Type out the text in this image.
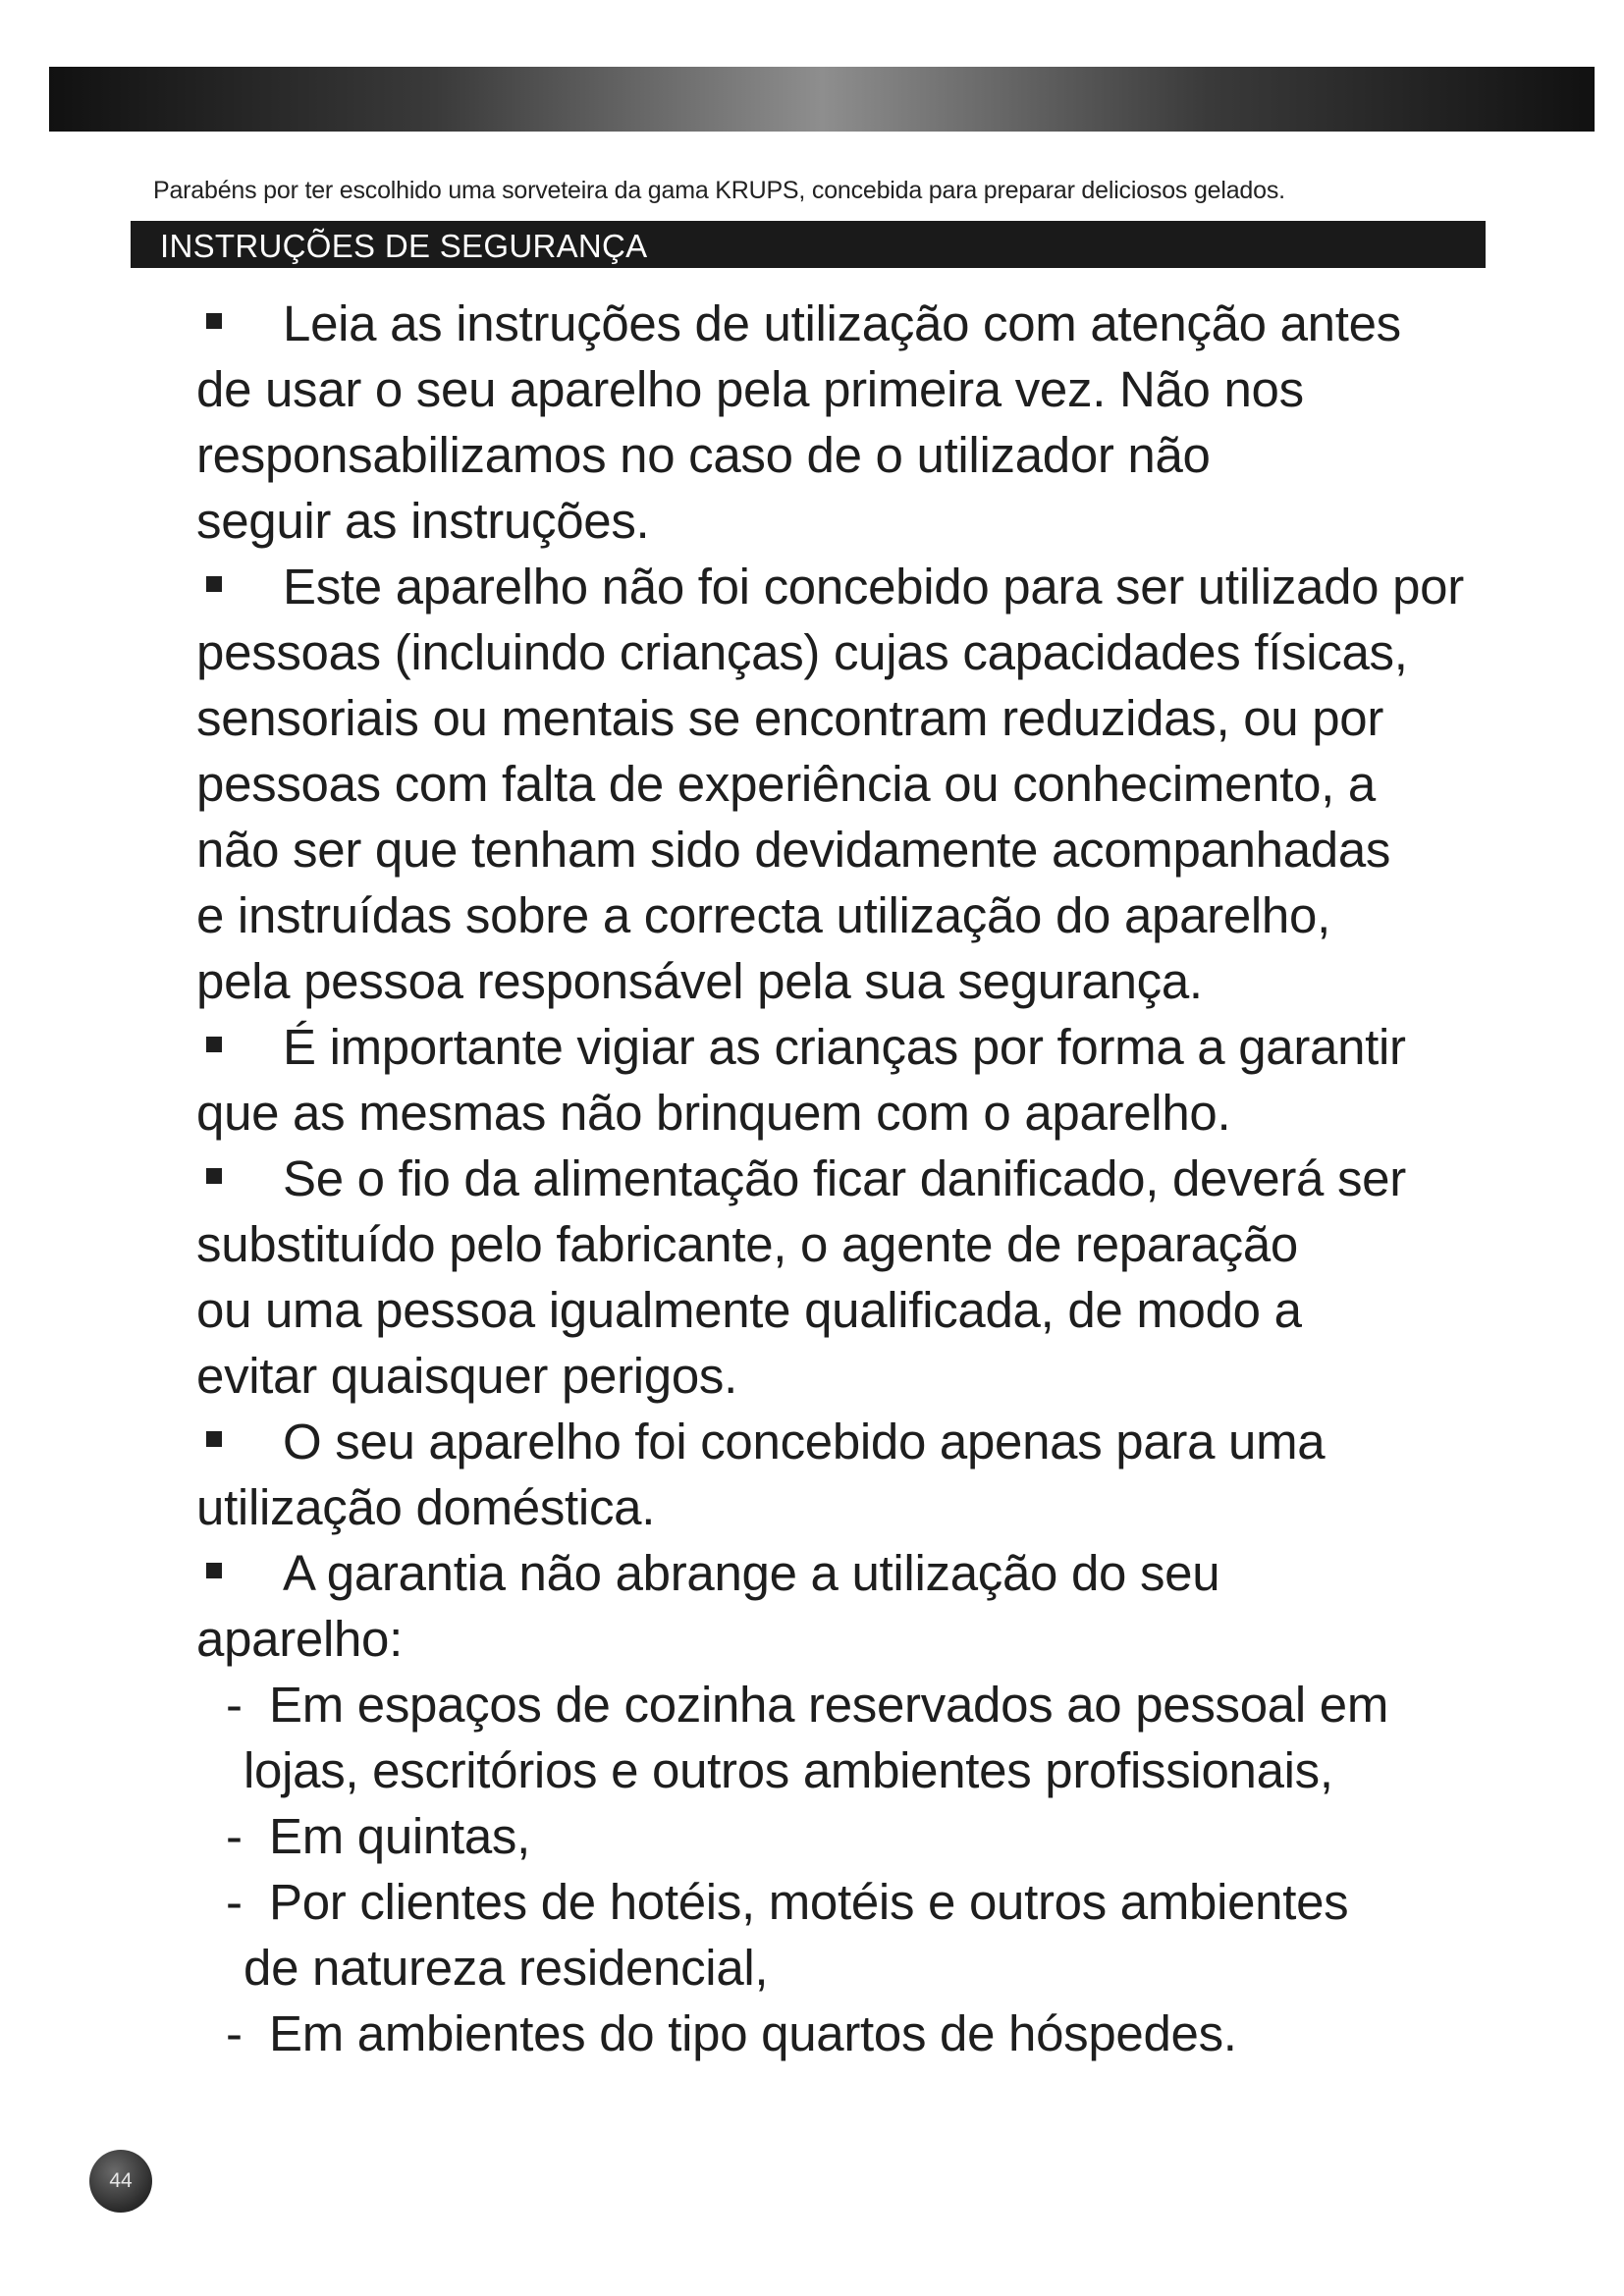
Parabéns por ter escolhido uma sorveteira da gama KRUPS, concebida para preparar deliciosos gelados.
INSTRUÇÕES DE SEGURANÇA
Leia as instruções de utilização com atenção antes
de usar o seu aparelho pela primeira vez. Não nos
responsabilizamos no caso de o utilizador não
seguir as instruções.
Este aparelho não foi concebido para ser utilizado por
pessoas (incluindo crianças) cujas capacidades físicas,
sensoriais ou mentais se encontram reduzidas, ou por
pessoas com falta de experiência ou conhecimento, a
não ser que tenham sido devidamente acompanhadas
e instruídas sobre a correcta utilização do aparelho,
pela pessoa responsável pela sua segurança.
É importante vigiar as crianças por forma a garantir
que as mesmas não brinquem com o aparelho.
Se o fio da alimentação ficar danificado, deverá ser
substituído pelo fabricante, o agente de reparação
ou uma pessoa igualmente qualificada, de modo a
evitar quaisquer perigos.
O seu aparelho foi concebido apenas para uma
utilização doméstica.
A garantia não abrange a utilização do seu
aparelho:
- Em espaços de cozinha reservados ao pessoal em
lojas, escritórios e outros ambientes profissionais,
- Em quintas,
- Por clientes de hotéis, motéis e outros ambientes
de natureza residencial,
- Em ambientes do tipo quartos de hóspedes.
44
